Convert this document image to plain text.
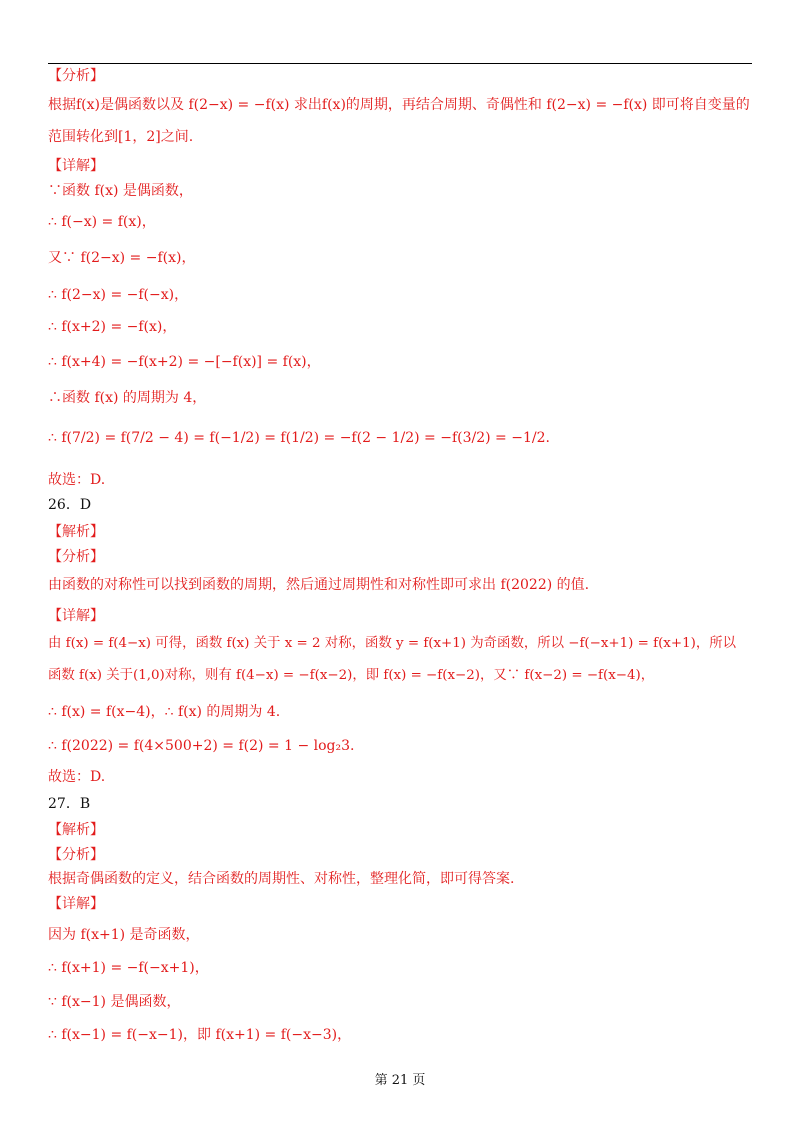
【分析】
根据f(x)是偶函数以及 f(2−x) = −f(x) 求出f(x)的周期，再结合周期、奇偶性和 f(2−x) = −f(x) 即可将自变量的
范围转化到[1，2]之间.
【详解】
∵函数 f(x) 是偶函数，
∴ f(−x) = f(x)，
又∵ f(2−x) = −f(x)，
∴ f(2−x) = −f(−x)，
∴ f(x+2) = −f(x)，
∴ f(x+4) = −f(x+2) = −[−f(x)] = f(x)，
∴函数 f(x) 的周期为 4，
∴ f(7/2) = f(7/2 − 4) = f(−1/2) = f(1/2) = −f(2 − 1/2) = −f(3/2) = −1/2.
故选：D.
26．D
【解析】
【分析】
由函数的对称性可以找到函数的周期，然后通过周期性和对称性即可求出 f(2022) 的值.
【详解】
由 f(x) = f(4−x) 可得，函数 f(x) 关于 x = 2 对称，函数 y = f(x+1) 为奇函数，所以 −f(−x+1) = f(x+1)，所以
函数 f(x) 关于(1,0)对称，则有 f(4−x) = −f(x−2)，即 f(x) = −f(x−2)，又∵ f(x−2) = −f(x−4)，
∴ f(x) = f(x−4)，∴ f(x) 的周期为 4.
∴ f(2022) = f(4×500+2) = f(2) = 1 − log₂3.
故选：D.
27．B
【解析】
【分析】
根据奇偶函数的定义，结合函数的周期性、对称性，整理化简，即可得答案.
【详解】
因为 f(x+1) 是奇函数，
∴ f(x+1) = −f(−x+1)，
∵ f(x−1) 是偶函数，
∴ f(x−1) = f(−x−1)，即 f(x+1) = f(−x−3)，
第 21 页
